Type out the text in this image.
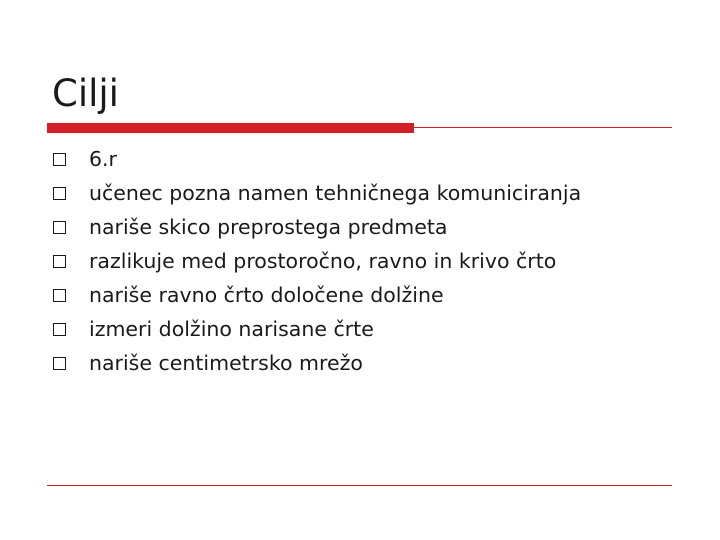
Cilji
6.r
učenec pozna namen tehničnega komuniciranja
nariše skico preprostega predmeta
razlikuje med prostoročno, ravno in krivo črto
nariše ravno črto določene dolžine
izmeri dolžino narisane črte
nariše centimetrsko mrežo
